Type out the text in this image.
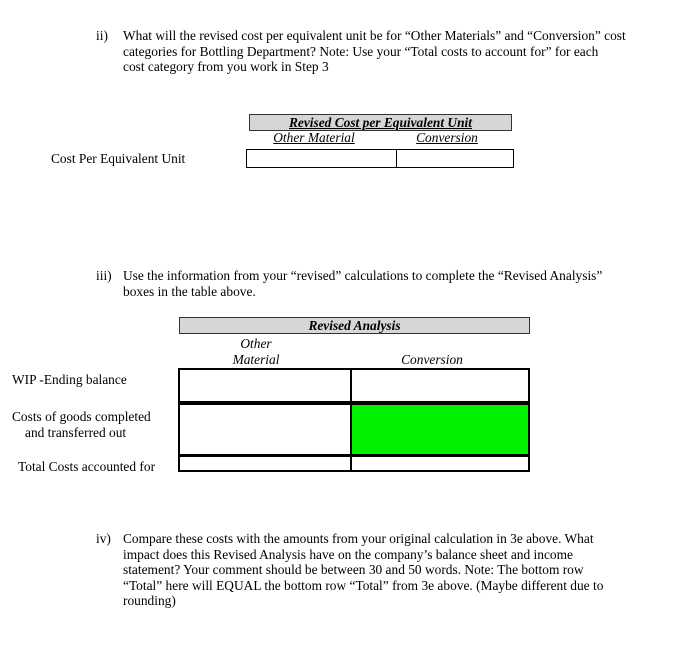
ii) What will the revised cost per equivalent unit be for “Other Materials” and “Conversion” cost
categories for Bottling Department? Note: Use your “Total costs to account for” for each
cost category from you work in Step 3
Revised Cost per Equivalent Unit
Other Material	Conversion
Cost Per Equivalent Unit
iii) Use the information from your “revised” calculations to complete the “Revised Analysis”
boxes in the table above.
Revised Analysis
Other
Material	Conversion
WIP -Ending balance
Costs of goods completed
and transferred out
Total Costs accounted for
iv) Compare these costs with the amounts from your original calculation in 3e above. What
impact does this Revised Analysis have on the company’s balance sheet and income
statement? Your comment should be between 30 and 50 words. Note: The bottom row
“Total” here will EQUAL the bottom row “Total” from 3e above. (Maybe different due to
rounding)
